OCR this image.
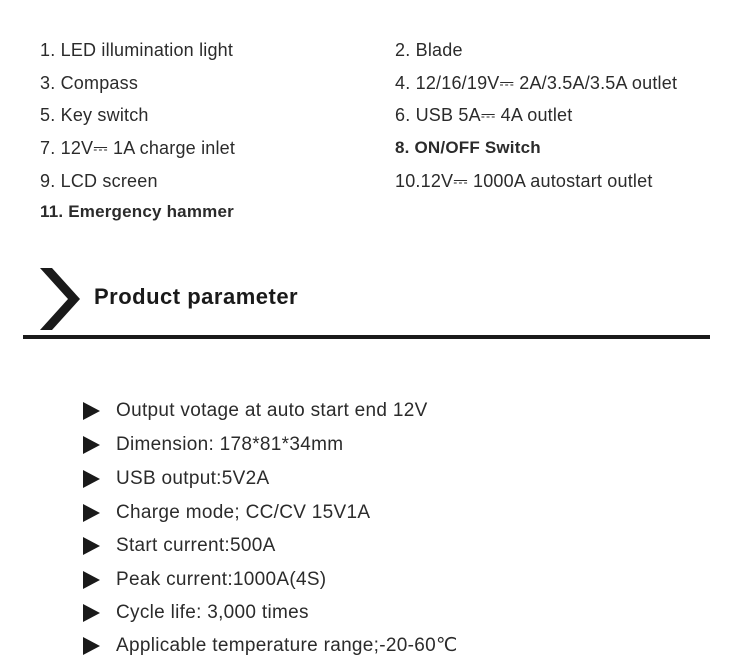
1. LED illumination light	2. Blade
3. Compass	4. 12/16/19V⎓ 2A/3.5A/3.5A outlet
5. Key switch	6. USB 5A⎓ 4A outlet
7. 12V⎓ 1A charge inlet	8. ON/OFF Switch
9. LCD screen	10.12V⎓ 1000A autostart outlet
11. Emergency hammer
Product parameter
Output votage at auto start end 12V
Dimension: 178*81*34mm
USB output:5V2A
Charge mode; CC/CV 15V1A
Start current:500A
Peak current:1000A(4S)
Cycle life: 3,000 times
Applicable temperature range;-20-60℃
